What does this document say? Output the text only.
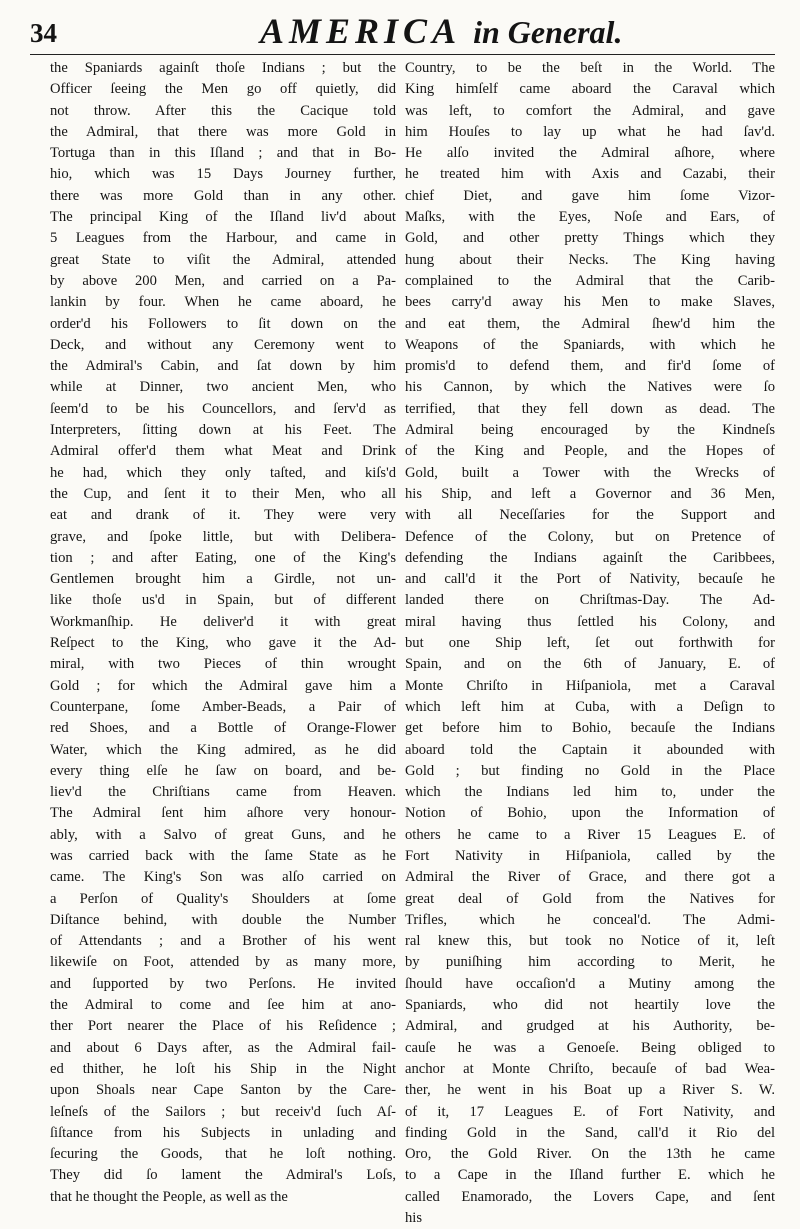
34	AMERICA in General.
the Spaniards againſt thoſe Indians ; but the
Officer ſeeing the Men go off quietly, did
not throw. After this the Cacique told
the Admiral, that there was more Gold in
Tortuga than in this Iſland ; and that in Bo-
hio, which was 15 Days Journey further,
there was more Gold than in any other.
The principal King of the Iſland liv'd about
5 Leagues from the Harbour, and came in
great State to viſit the Admiral, attended
by above 200 Men, and carried on a Pa-
lankin by four. When he came aboard, he
order'd his Followers to ſit down on the
Deck, and without any Ceremony went to
the Admiral's Cabin, and ſat down by him
while at Dinner, two ancient Men, who
ſeem'd to be his Councellors, and ſerv'd as
Interpreters, ſitting down at his Feet. The
Admiral offer'd them what Meat and Drink
he had, which they only taſted, and kiſs'd
the Cup, and ſent it to their Men, who all
eat and drank of it. They were very
grave, and ſpoke little, but with Delibera-
tion ; and after Eating, one of the King's
Gentlemen brought him a Girdle, not un-
like thoſe us'd in Spain, but of different
Workmanſhip. He deliver'd it with great
Reſpect to the King, who gave it the Ad-
miral, with two Pieces of thin wrought
Gold ; for which the Admiral gave him a
Counterpane, ſome Amber-Beads, a Pair of
red Shoes, and a Bottle of Orange-Flower
Water, which the King admired, as he did
every thing elſe he ſaw on board, and be-
liev'd the Chriſtians came from Heaven.
The Admiral ſent him aſhore very honour-
ably, with a Salvo of great Guns, and he
was carried back with the ſame State as he
came. The King's Son was alſo carried on
a Perſon of Quality's Shoulders at ſome
Diſtance behind, with double the Number
of Attendants ; and a Brother of his went
likewiſe on Foot, attended by as many more,
and ſupported by two Perſons. He invited
the Admiral to come and ſee him at ano-
ther Port nearer the Place of his Reſidence ;
and about 6 Days after, as the Admiral fail-
ed thither, he loſt his Ship in the Night
upon Shoals near Cape Santon by the Care-
leſneſs of the Sailors ; but receiv'd ſuch Aſ-
ſiſtance from his Subjects in unlading and
ſecuring the Goods, that he loſt nothing.
They did ſo lament the Admiral's Loſs,
that he thought the People, as well as the
Country, to be the beſt in the World. The
King himſelf came aboard the Caraval which
was left, to comfort the Admiral, and gave
him Houſes to lay up what he had ſav'd.
He alſo invited the Admiral aſhore, where
he treated him with Axis and Cazabi, their
chief Diet, and gave him ſome Vizor-
Maſks, with the Eyes, Noſe and Ears, of
Gold, and other pretty Things which they
hung about their Necks. The King having
complained to the Admiral that the Carib-
bees carry'd away his Men to make Slaves,
and eat them, the Admiral ſhew'd him the
Weapons of the Spaniards, with which he
promis'd to defend them, and fir'd ſome of
his Cannon, by which the Natives were ſo
terrified, that they fell down as dead. The
Admiral being encouraged by the Kindneſs
of the King and People, and the Hopes of
Gold, built a Tower with the Wrecks of
his Ship, and left a Governor and 36 Men,
with all Neceſſaries for the Support and
Defence of the Colony, but on Pretence of
defending the Indians againſt the Caribbees,
and call'd it the Port of Nativity, becauſe he
landed there on Chriſtmas-Day. The Ad-
miral having thus ſettled his Colony, and
but one Ship left, ſet out forthwith for
Spain, and on the 6th of January, E. of
Monte Chriſto in Hiſpaniola, met a Caraval
which left him at Cuba, with a Deſign to
get before him to Bohio, becauſe the Indians
aboard told the Captain it abounded with
Gold ; but finding no Gold in the Place
which the Indians led him to, under the
Notion of Bohio, upon the Information of
others he came to a River 15 Leagues E. of
Fort Nativity in Hiſpaniola, called by the
Admiral the River of Grace, and there got a
great deal of Gold from the Natives for
Trifles, which he conceal'd. The Admi-
ral knew this, but took no Notice of it, leſt
by puniſhing him according to Merit, he
ſhould have occaſion'd a Mutiny among the
Spaniards, who did not heartily love the
Admiral, and grudged at his Authority, be-
cauſe he was a Genoeſe. Being obliged to
anchor at Monte Chriſto, becauſe of bad Wea-
ther, he went in his Boat up a River S. W.
of it, 17 Leagues E. of Fort Nativity, and
finding Gold in the Sand, call'd it Rio del
Oro, the Gold River. On the 13th he came
to a Cape in the Iſland further E. which he
called Enamorado, the Lovers Cape, and ſent
his
